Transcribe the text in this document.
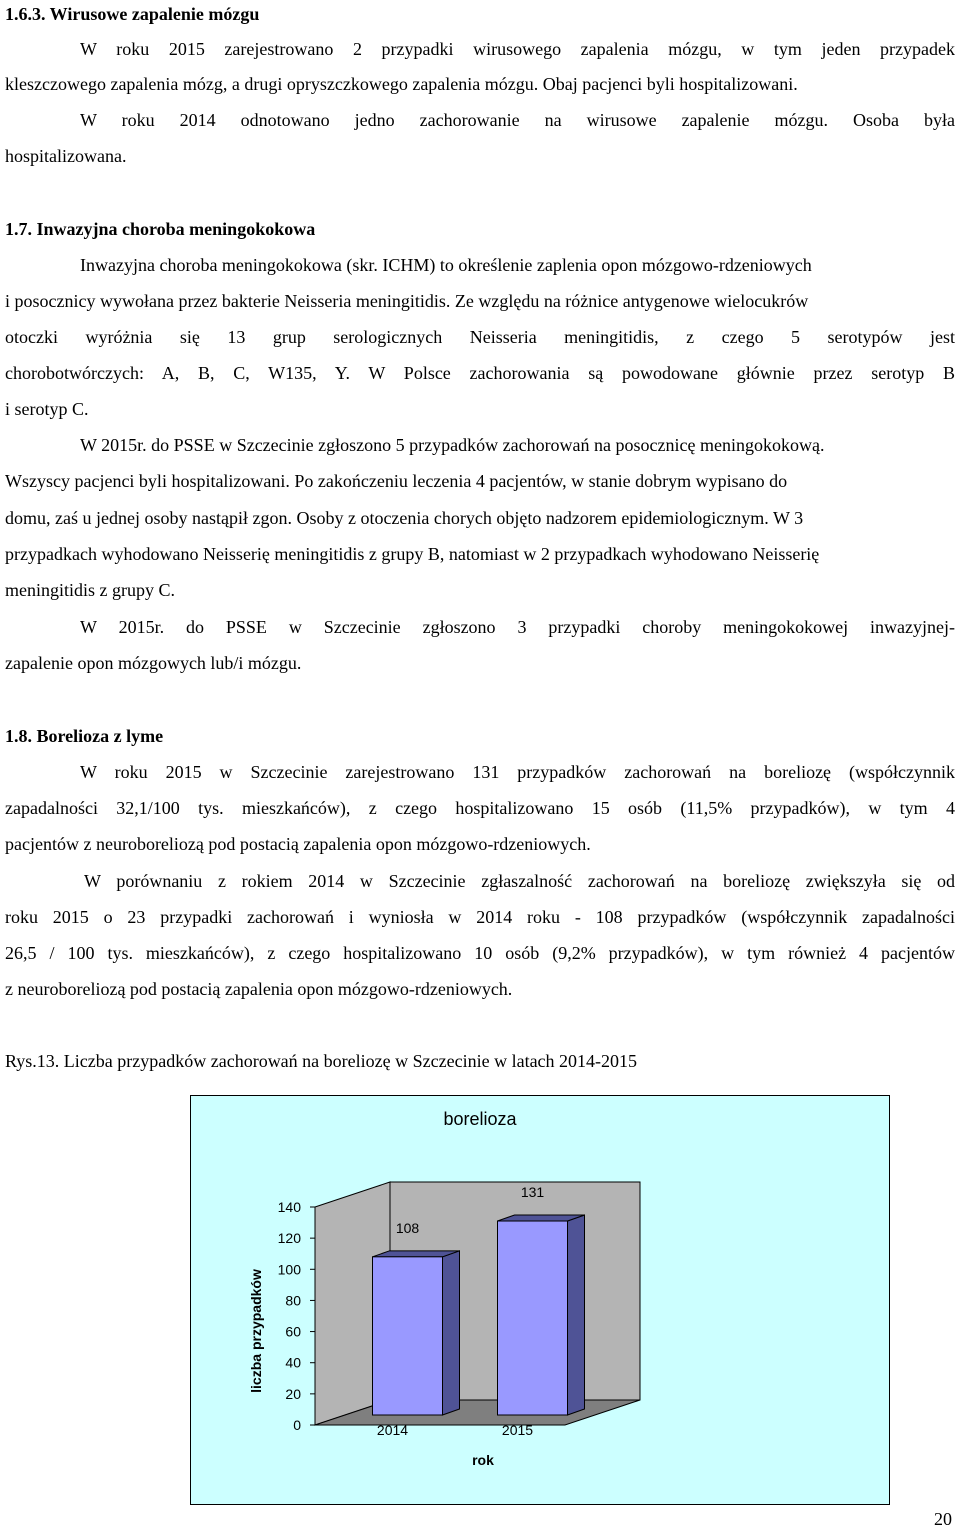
1.6.3. Wirusowe zapalenie mózgu
W roku 2015 zarejestrowano 2 przypadki wirusowego zapalenia mózgu, w tym jeden przypadek
kleszczowego zapalenia mózg, a drugi opryszczkowego zapalenia mózgu. Obaj pacjenci byli hospitalizowani.
W roku 2014 odnotowano jedno zachorowanie na wirusowe zapalenie mózgu. Osoba była
hospitalizowana.
1.7. Inwazyjna choroba meningokokowa
Inwazyjna choroba meningokokowa (skr. ICHM) to określenie zaplenia opon mózgowo-rdzeniowych
i posocznicy wywołana przez bakterie Neisseria meningitidis. Ze względu na różnice antygenowe wielocukrów
otoczki wyróżnia się 13 grup serologicznych Neisseria meningitidis, z czego 5 serotypów jest
chorobotwórczych: A, B, C, W135, Y. W Polsce zachorowania są powodowane głównie przez serotyp B
i serotyp C.
W 2015r. do PSSE w Szczecinie zgłoszono 5 przypadków zachorowań na posocznicę meningokokową.
Wszyscy pacjenci byli hospitalizowani. Po zakończeniu leczenia 4 pacjentów, w stanie dobrym wypisano do
domu, zaś u jednej osoby nastąpił zgon. Osoby z otoczenia chorych objęto nadzorem epidemiologicznym. W 3
przypadkach wyhodowano Neisserię meningitidis z grupy B, natomiast w 2 przypadkach wyhodowano Neisserię
meningitidis z grupy C.
W 2015r. do PSSE w Szczecinie zgłoszono 3 przypadki choroby meningokokowej inwazyjnej-
zapalenie opon mózgowych lub/i mózgu.
1.8. Borelioza z lyme
W roku 2015 w Szczecinie zarejestrowano 131 przypadków zachorowań na boreliozę (współczynnik
zapadalności 32,1/100 tys. mieszkańców), z czego hospitalizowano 15 osób (11,5% przypadków), w tym 4
pacjentów z neuroboreliozą pod postacią zapalenia opon mózgowo-rdzeniowych.
W porównaniu z rokiem 2014 w Szczecinie zgłaszalność zachorowań na boreliozę zwiększyła się od
roku 2015 o 23 przypadki zachorowań i wyniosła w 2014 roku - 108 przypadków (współczynnik zapadalności
26,5 / 100 tys. mieszkańców), z czego hospitalizowano 10 osób (9,2% przypadków), w tym również 4 pacjentów
z neuroboreliozą pod postacią zapalenia opon mózgowo-rdzeniowych.
Rys.13. Liczba przypadków zachorowań na boreliozę w Szczecinie w latach 2014-2015
borelioza
liczba przypadków
rok
0
20
40
60
80
100
120
140
108
2014
131
2015
20
